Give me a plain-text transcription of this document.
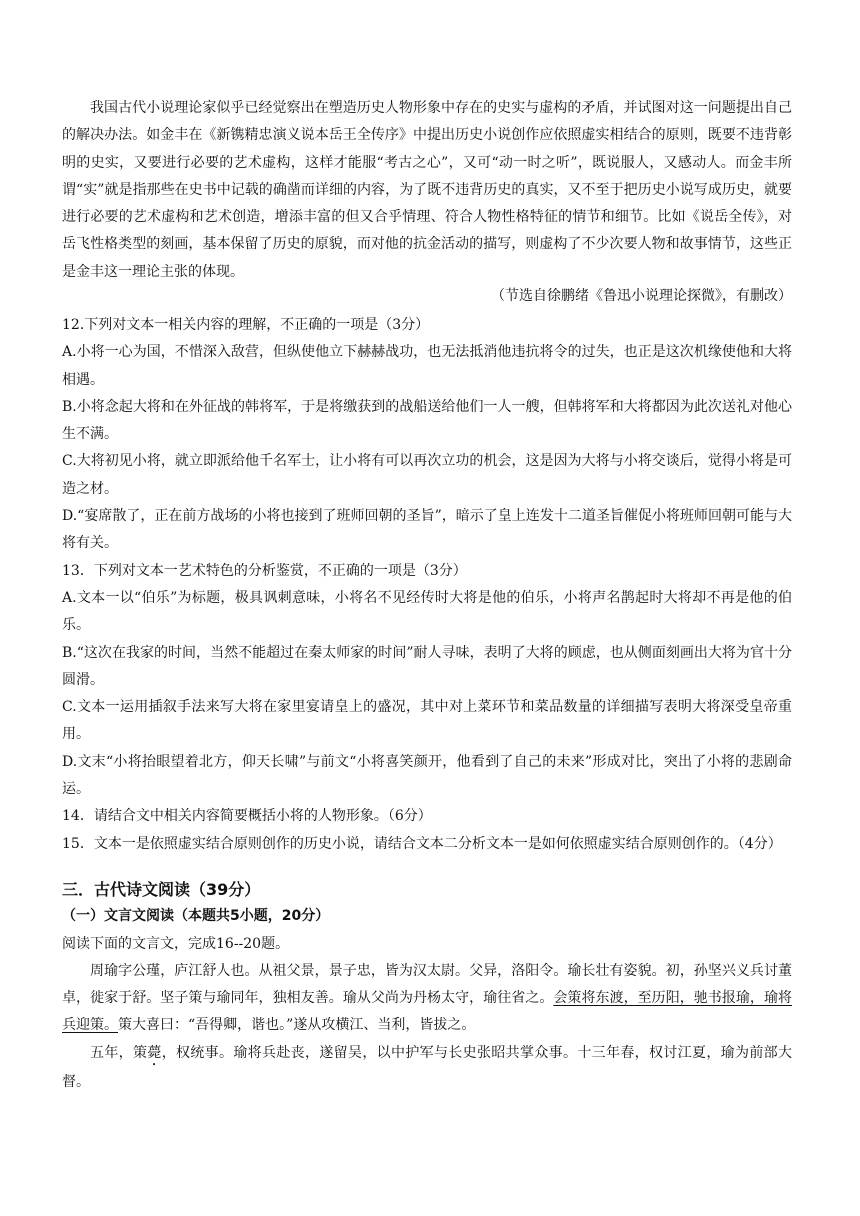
我国古代小说理论家似乎已经觉察出在塑造历史人物形象中存在的史实与虚构的矛盾，并试图对这一问题提出自己的解决办法。如金丰在《新镌精忠演义说本岳王全传序》中提出历史小说创作应依照虚实相结合的原则，既要不违背彰明的史实，又要进行必要的艺术虚构，这样才能服“考古之心”，又可“动一时之听”，既说服人，又感动人。而金丰所谓“实”就是指那些在史书中记载的确凿而详细的内容，为了既不违背历史的真实，又不至于把历史小说写成历史，就要进行必要的艺术虚构和艺术创造，增添丰富的但又合乎情理、符合人物性格特征的情节和细节。比如《说岳全传》，对岳飞性格类型的刻画，基本保留了历史的原貌，而对他的抗金活动的描写，则虚构了不少次要人物和故事情节，这些正是金丰这一理论主张的体现。

（节选自徐鹏绪《鲁迅小说理论探微》，有删改）
12.下列对文本一相关内容的理解，不正确的一项是（3分）
A.小将一心为国，不惜深入敌营，但纵使他立下赫赫战功，也无法抵消他违抗将令的过失，也正是这次机缘使他和大将相遇。
B.小将念起大将和在外征战的韩将军，于是将缴获到的战船送给他们一人一艘，但韩将军和大将都因为此次送礼对他心生不满。
C.大将初见小将，就立即派给他千名军士，让小将有可以再次立功的机会，这是因为大将与小将交谈后，觉得小将是可造之材。
D.“宴席散了，正在前方战场的小将也接到了班师回朝的圣旨”，暗示了皇上连发十二道圣旨催促小将班师回朝可能与大将有关。
13．下列对文本一艺术特色的分析鉴赏，不正确的一项是（3分）
A.文本一以“伯乐”为标题，极具讽刺意味，小将名不见经传时大将是他的伯乐，小将声名鹊起时大将却不再是他的伯乐。
B.“这次在我家的时间，当然不能超过在秦太师家的时间”耐人寻味，表明了大将的顾虑，也从侧面刻画出大将为官十分圆滑。
C.文本一运用插叙手法来写大将在家里宴请皇上的盛况，其中对上菜环节和菜品数量的详细描写表明大将深受皇帝重用。
D.文末“小将抬眼望着北方，仰天长啸”与前文“小将喜笑颜开，他看到了自己的未来”形成对比，突出了小将的悲剧命运。
14．请结合文中相关内容简要概括小将的人物形象。（6分）
15．文本一是依照虚实结合原则创作的历史小说，请结合文本二分析文本一是如何依照虚实结合原则创作的。（4分）
三．古代诗文阅读（39分）
（一）文言文阅读（本题共5小题，20分）
阅读下面的文言文，完成16--20题。
周瑜字公瑾，庐江舒人也。从祖父景，景子忠，皆为汉太尉。父异，洛阳令。瑜长壮有姿貌。初，孙坚兴义兵讨董卓，徙家于舒。坚子策与瑜同年，独相友善。瑜从父尚为丹杨太守，瑜往省之。会策将东渡，至历阳，驰书报瑜，瑜将兵迎策。策大喜曰：“吾得卿，谐也。”遂从攻横江、当利，皆拔之。
五年，策薨，权统事。瑜将兵赴丧，遂留吴，以中护军与长史张昭共掌众事。十三年春，权讨江夏，瑜为前部大督。
